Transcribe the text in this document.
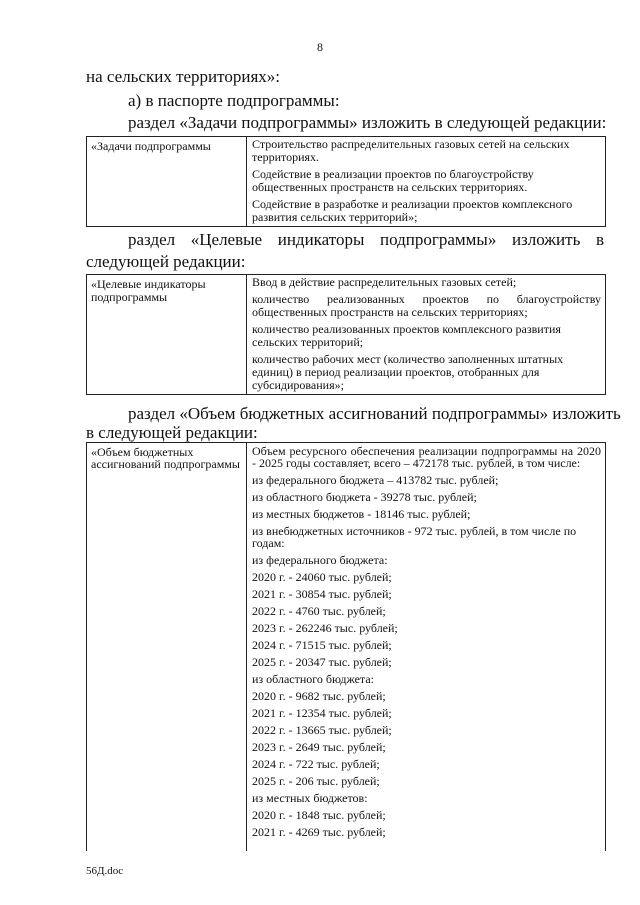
8
на сельских территориях»:
а) в паспорте подпрограммы:
раздел «Задачи подпрограммы» изложить в следующей редакции:
«Задачи подпрограммы	Строительство распределительных газовых сетей на сельских территориях.
Содействие в реализации проектов по благоустройству общественных пространств на сельских территориях.
Содействие в разработке и реализации проектов комплексного развития сельских территорий»;
раздел «Целевые индикаторы подпрограммы» изложить в
следующей редакции:
«Целевые индикаторы подпрограммы
Ввод в действие распределительных газовых сетей;
количество реализованных проектов по благоустройству общественных пространств на сельских территориях;
количество реализованных проектов комплексного развития сельских территорий;
количество рабочих мест (количество заполненных штатных единиц) в период реализации проектов, отобранных для субсидирования»;
раздел «Объем бюджетных ассигнований подпрограммы» изложить
в следующей редакции:
«Объем бюджетных ассигнований подпрограммы
Объем ресурсного обеспечения реализации подпрограммы на 2020 - 2025 годы составляет, всего – 472178 тыс. рублей, в том числе:
из федерального бюджета – 413782 тыс. рублей;
из областного бюджета - 39278 тыс. рублей;
из местных бюджетов - 18146 тыс. рублей;
из внебюджетных источников - 972 тыс. рублей, в том числе по годам:
из федерального бюджета:
2020 г. - 24060 тыс. рублей;
2021 г. - 30854 тыс. рублей;
2022 г. - 4760 тыс. рублей;
2023 г. - 262246 тыс. рублей;
2024 г. - 71515 тыс. рублей;
2025 г. - 20347 тыс. рублей;
из областного бюджета:
2020 г. - 9682 тыс. рублей;
2021 г. - 12354 тыс. рублей;
2022 г. - 13665 тыс. рублей;
2023 г. - 2649 тыс. рублей;
2024 г. - 722 тыс. рублей;
2025 г. - 206 тыс. рублей;
из местных бюджетов:
2020 г. - 1848 тыс. рублей;
2021 г. - 4269 тыс. рублей;
56Д.doc
